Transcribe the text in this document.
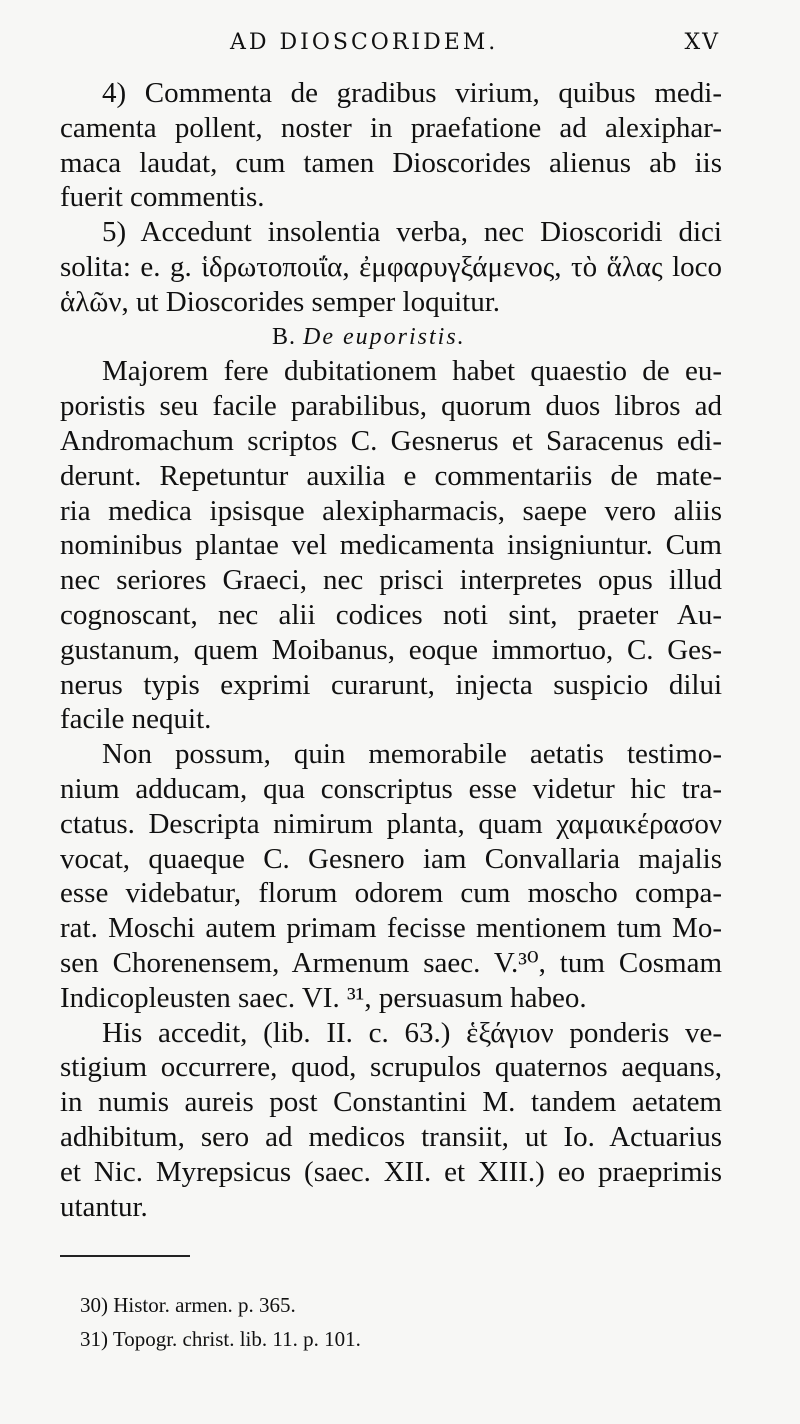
AD DIOSCORIDEM.	XV
4) Commenta de gradibus virium, quibus medi-
camenta pollent, noster in praefatione ad alexiphar-
maca laudat, cum tamen Dioscorides alienus ab iis
fuerit commentis.
5) Accedunt insolentia verba, nec Dioscoridi dici
solita: e. g. ἱδρωτοποιΐα, ἐμφαρυγξάμενος, τὸ ἅλας loco
ἁλῶν, ut Dioscorides semper loquitur.
B. De euporistis.
Majorem fere dubitationem habet quaestio de eu-
poristis seu facile parabilibus, quorum duos libros ad
Andromachum scriptos C. Gesnerus et Saracenus edi-
derunt. Repetuntur auxilia e commentariis de mate-
ria medica ipsisque alexipharmacis, saepe vero aliis
nominibus plantae vel medicamenta insigniuntur. Cum
nec seriores Graeci, nec prisci interpretes opus illud
cognoscant, nec alii codices noti sint, praeter Au-
gustanum, quem Moibanus, eoque immortuo, C. Ges-
nerus typis exprimi curarunt, injecta suspicio dilui
facile nequit.
Non possum, quin memorabile aetatis testimo-
nium adducam, qua conscriptus esse videtur hic tra-
ctatus. Descripta nimirum planta, quam χαμαικέρασον
vocat, quaeque C. Gesnero iam Convallaria majalis
esse videbatur, florum odorem cum moscho compa-
rat. Moschi autem primam fecisse mentionem tum Mo-
sen Chorenensem, Armenum saec. V.³⁰, tum Cosmam
Indicopleusten saec. VI. ³¹, persuasum habeo.
His accedit, (lib. II. c. 63.) ἑξάγιον ponderis ve-
stigium occurrere, quod, scrupulos quaternos aequans,
in numis aureis post Constantini M. tandem aetatem
adhibitum, sero ad medicos transiit, ut Io. Actuarius
et Nic. Myrepsicus (saec. XII. et XIII.) eo praeprimis
utantur.
30) Histor. armen. p. 365.
31) Topogr. christ. lib. 11. p. 101.
